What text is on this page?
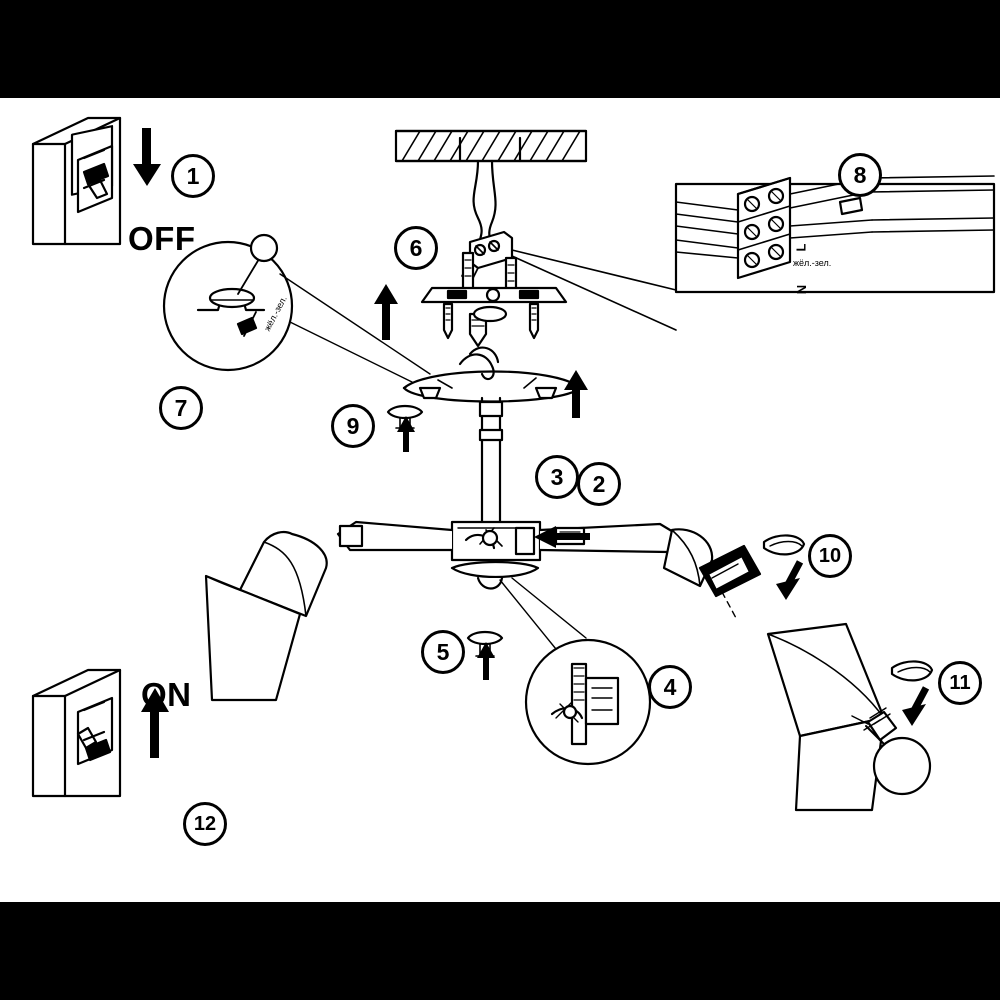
1
2
3
4
5
6
7
8
9
10
11
12
OFF
ON
L
N
жёл.-зел.
жёл.-зел.
